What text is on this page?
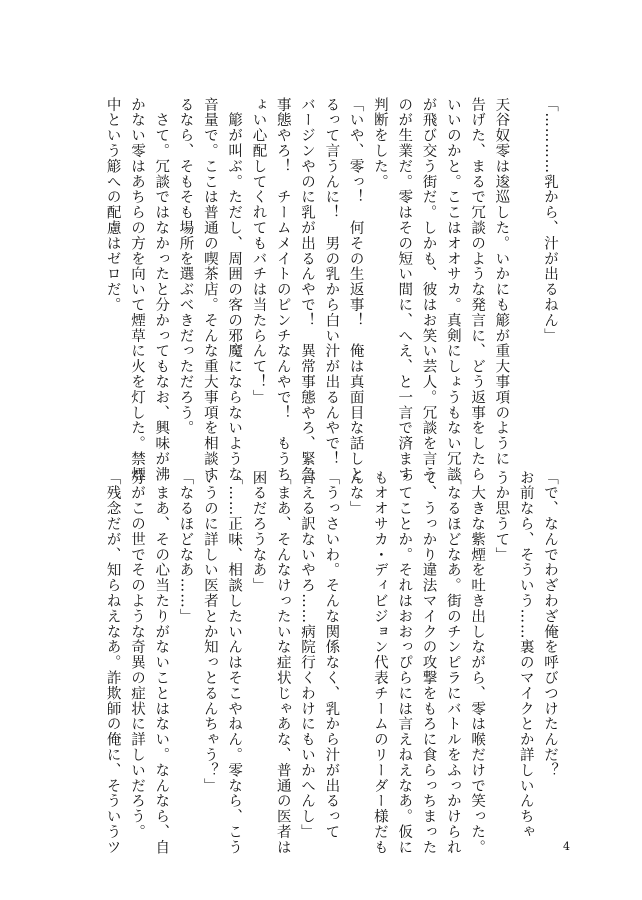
「…………乳から、汁が出るねん」

天谷奴零は逡巡した。いかにも簓が重大事項のように
告げた、まるで冗談のような発言に、どう返事をしたら
いいのかと。ここはオオサカ。真剣にしょうもない冗談
が飛び交う街だ。しかも、彼はお笑い芸人。冗談を言う
のが生業だ。零はその短い間に、へえ、と一言で済ます
判断をした。
「いや、零っ！　何その生返事！　俺は真面目な話しと
るって言うんに！　男の乳から白い汁が出るんやで！
バージンやのに乳が出るんやで！　異常事態やろ、緊急
事態やろ！　チームメイトのピンチなんやで！　もうち
ょい心配してくれてもバチは当たらんて！」
　簓が叫ぶ。ただし、周囲の客の邪魔にならないような
音量で。ここは普通の喫茶店。そんな重大事項を相談す
るなら、そもそも場所を選ぶべきだっただろう。
　さて。冗談ではなかったと分かってもなお、興味が沸
かない零はあちらの方を向いて煙草に火を灯した。禁煙
中という簓への配慮はゼロだ。
「で、なんでわざわざ俺を呼びつけたんだ？
お前なら、そういう……裏のマイクとか詳しいんちゃ
うか思うて」
　大きな紫煙を吐き出しながら、零は喉だけで笑った。
「なるほどなあ。街のチンピラにバトルをふっかけられ
て、うっかり違法マイクの攻撃をもろに食らっちまった
ってことか。それはおおっぴらには言えねえなあ。仮に
もオオサカ・ディビジョン代表チームのリーダー様だも
んな」
「うっさいわ。そんな関係なく、乳から汁が出るって
言える訳ないやろ……病院行くわけにもいかへんし」
「まあ、そんなけったいな症状じゃあな、普通の医者は
困るだろうなあ」
「……正味、相談したいんはそこやねん。零なら、こう
いうのに詳しい医者とか知っとるんちゃう？」
「なるほどなあ……」
　まあ、その心当たりがないことはない。なんなら、自
分がこの世でそのような奇異の症状に詳しいだろう。
「残念だが、知らねえなあ。詐欺師の俺に、そういうツ	4
